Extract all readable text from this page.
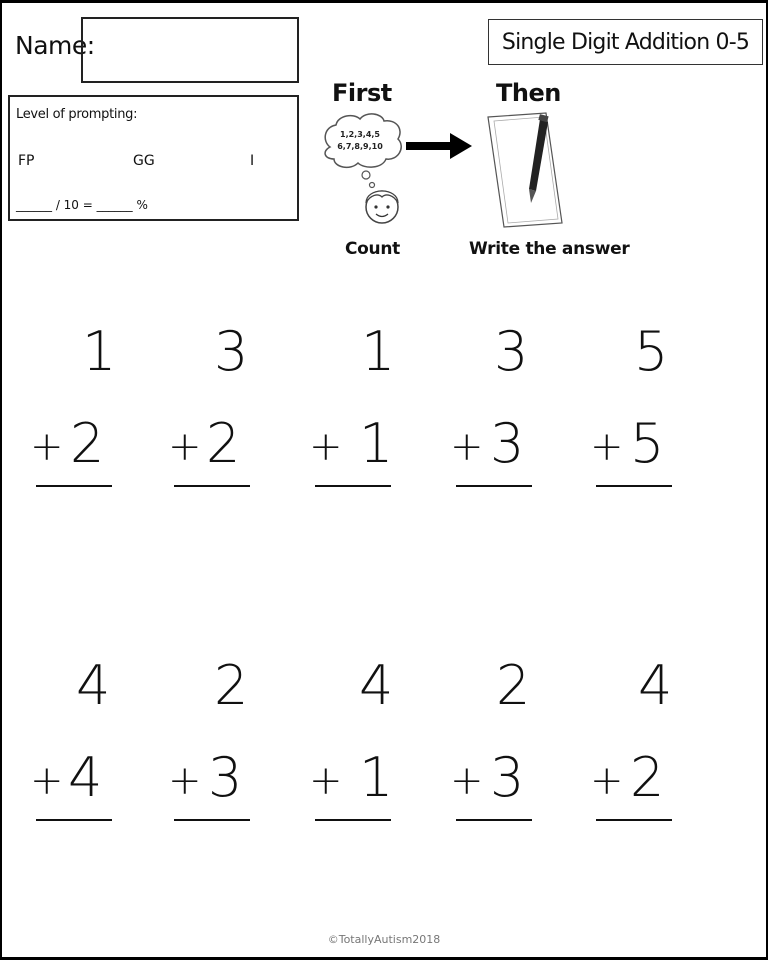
Name:	Single Digit Addition 0-5
Level of prompting:
FP	GG	I
______ / 10 = ______ %
First	Then
1,2,3,4,5
6,7,8,9,10
Count	Write the answer
1
+ 2
3
+ 2
1
+ 1
3
+ 3
5
+ 5
4
+ 4
2
+ 3
4
+ 1
2
+ 3
4
+ 2
©TotallyAutism2018
